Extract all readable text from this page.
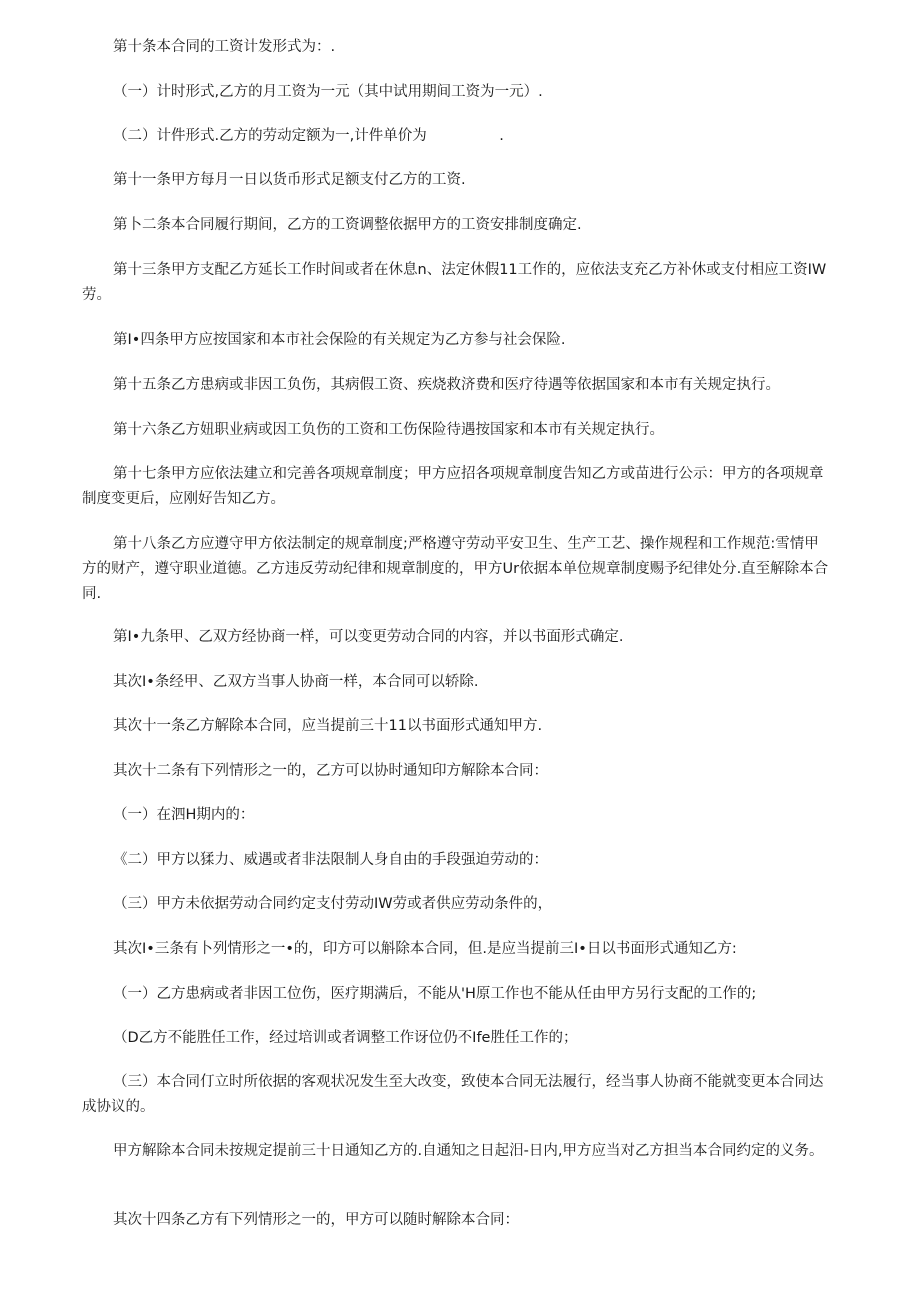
第十条本合同的工资计发形式为：.

（一）计时形式,乙方的月工资为一元（其中试用期间工资为一元）.

（二）计件形式.乙方的劳动定额为一,计件单价为　　　　　.

第十一条甲方每月一日以货币形式足额支付乙方的工资.

第卜二条本合同履行期间，乙方的工资调整依据甲方的工资安排制度确定.

第十三条甲方支配乙方延长工作时间或者在休息n、法定休假11工作的，应依法支充乙方补休或支付相应工资IW劳。

第I•四条甲方应按国家和本市社会保险的有关规定为乙方参与社会保险.

第十五条乙方患病或非因工负伤，其病假工资、疾烧救济费和医疗待遇等依据国家和本市有关规定执行。

第十六条乙方妞职业病或因工负伤的工资和工伤保险待遇按国家和本市有关规定执行。

第十七条甲方应依法建立和完善各项规章制度；甲方应招各项规章制度告知乙方或苗进行公示：甲方的各项规章制度变更后，应刚好告知乙方。

第十八条乙方应遵守甲方依法制定的规章制度;严格遵守劳动平安卫生、生产工艺、操作规程和工作规范:雪情甲方的财产，遵守职业道德。乙方违反劳动纪律和规章制度的，甲方Ur依据本单位规章制度赐予纪律处分.直至解除本合同.

第I•九条甲、乙双方经协商一样，可以变更劳动合同的内容，并以书面形式确定.

其次I•条经甲、乙双方当事人协商一样，本合同可以轿除.

其次十一条乙方解除本合同，应当提前三十11以书面形式通知甲方.

其次十二条有下列情形之一的，乙方可以协时通知印方解除本合同：

（一）在泗H期内的：

《二）甲方以猱力、威遇或者非法限制人身自由的手段强迫劳动的：

（三）甲方未依据劳动合同约定支付劳动IW劳或者供应劳动条件的，

其次I•三条有卜列情形之一•的，印方可以斛除本合同，但.是应当提前三I•日以书面形式通知乙方:

（一）乙方患病或者非因工位伤，医疗期满后，不能从'H原工作也不能从任由甲方另行支配的工作的;

（D乙方不能胜任工作，经过培训或者调整工作讶位仍不Ife胜任工作的；

（三）本合同仃立时所依据的客观状况发生至大改变，致使本合同无法履行，经当事人协商不能就变更本合同达成协议的。

甲方解除本合同未按规定提前三十日通知乙方的.自通知之日起汨-日内,甲方应当对乙方担当本合同约定的义务。

其次十四条乙方有下列情形之一的，甲方可以随时解除本合同：
